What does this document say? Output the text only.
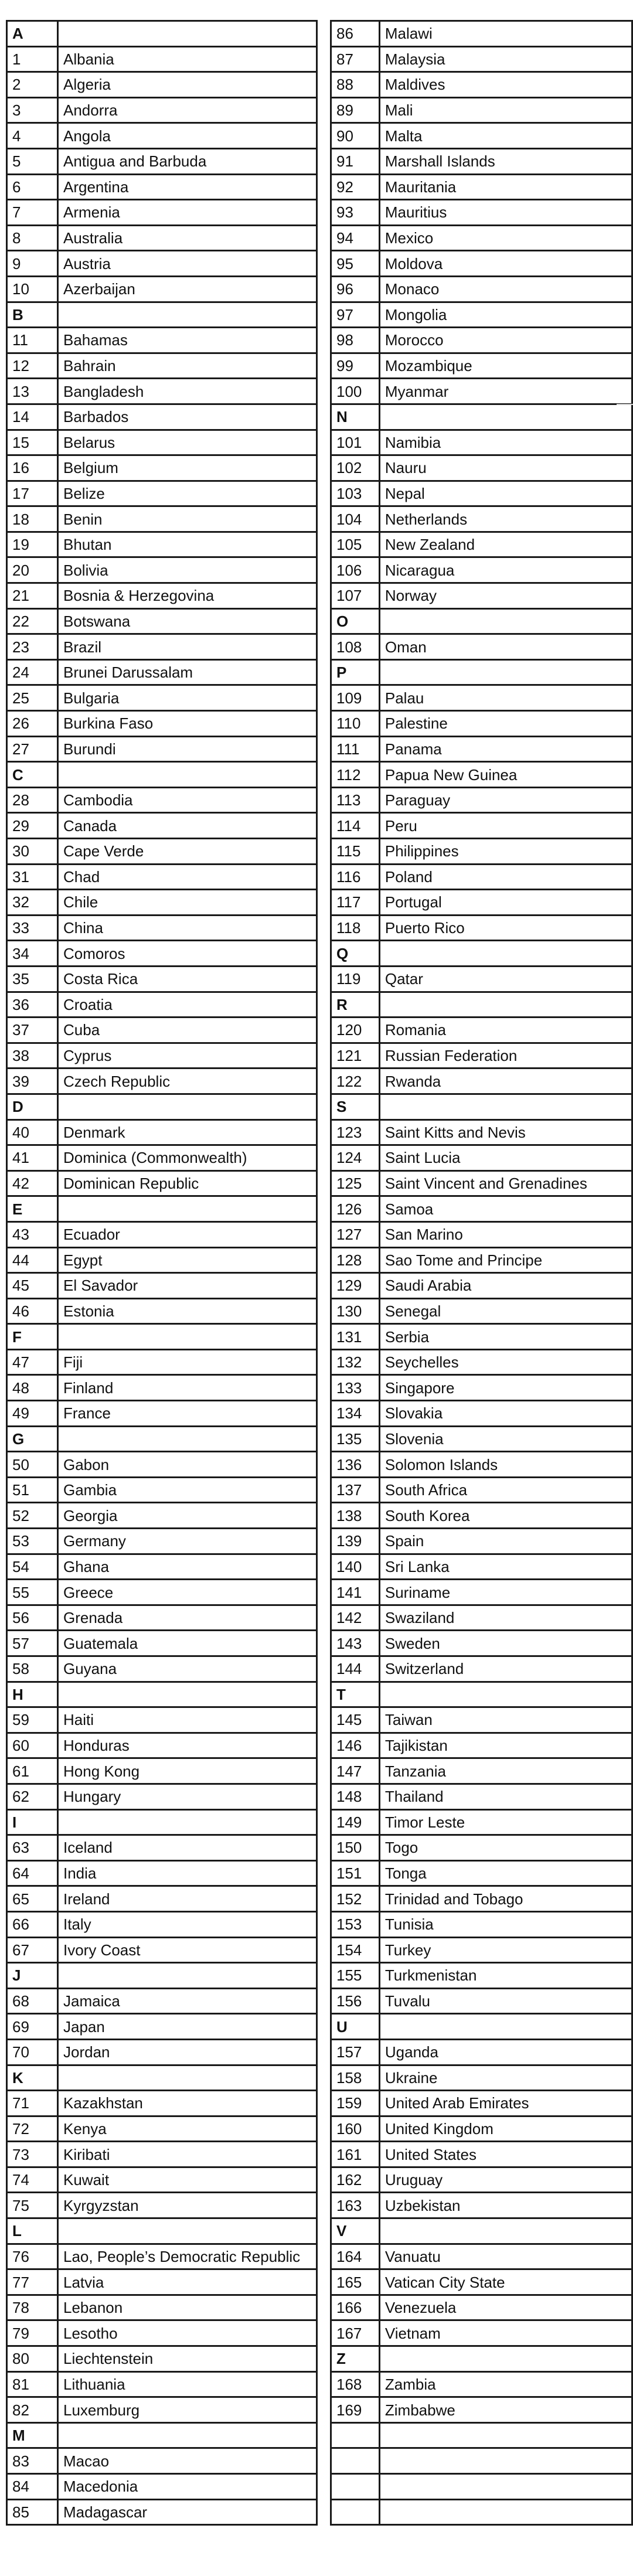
A	
1	Albania
2	Algeria
3	Andorra
4	Angola
5	Antigua and Barbuda
6	Argentina
7	Armenia
8	Australia
9	Austria
10	Azerbaijan
B	
11	Bahamas
12	Bahrain
13	Bangladesh
14	Barbados
15	Belarus
16	Belgium
17	Belize
18	Benin
19	Bhutan
20	Bolivia
21	Bosnia & Herzegovina
22	Botswana
23	Brazil
24	Brunei Darussalam
25	Bulgaria
26	Burkina Faso
27	Burundi
C	
28	Cambodia
29	Canada
30	Cape Verde
31	Chad
32	Chile
33	China
34	Comoros
35	Costa Rica
36	Croatia
37	Cuba
38	Cyprus
39	Czech Republic
D	
40	Denmark
41	Dominica (Commonwealth)
42	Dominican Republic
E	
43	Ecuador
44	Egypt
45	El Savador
46	Estonia
F	
47	Fiji
48	Finland
49	France
G	
50	Gabon
51	Gambia
52	Georgia
53	Germany
54	Ghana
55	Greece
56	Grenada
57	Guatemala
58	Guyana
H	
59	Haiti
60	Honduras
61	Hong Kong
62	Hungary
I	
63	Iceland
64	India
65	Ireland
66	Italy
67	Ivory Coast
J	
68	Jamaica
69	Japan
70	Jordan
K	
71	Kazakhstan
72	Kenya
73	Kiribati
74	Kuwait
75	Kyrgyzstan
L	
76	Lao, People’s Democratic Republic
77	Latvia
78	Lebanon
79	Lesotho
80	Liechtenstein
81	Lithuania
82	Luxemburg
M	
83	Macao
84	Macedonia
85	Madagascar
86	Malawi
87	Malaysia
88	Maldives
89	Mali
90	Malta
91	Marshall Islands
92	Mauritania
93	Mauritius
94	Mexico
95	Moldova
96	Monaco
97	Mongolia
98	Morocco
99	Mozambique
100	Myanmar
N	
101	Namibia
102	Nauru
103	Nepal
104	Netherlands
105	New Zealand
106	Nicaragua
107	Norway
O	
108	Oman
P	
109	Palau
110	Palestine
111	Panama
112	Papua New Guinea
113	Paraguay
114	Peru
115	Philippines
116	Poland
117	Portugal
118	Puerto Rico
Q	
119	Qatar
R	
120	Romania
121	Russian Federation
122	Rwanda
S	
123	Saint Kitts and Nevis
124	Saint Lucia
125	Saint Vincent and Grenadines
126	Samoa
127	San Marino
128	Sao Tome and Principe
129	Saudi Arabia
130	Senegal
131	Serbia
132	Seychelles
133	Singapore
134	Slovakia
135	Slovenia
136	Solomon Islands
137	South Africa
138	South Korea
139	Spain
140	Sri Lanka
141	Suriname
142	Swaziland
143	Sweden
144	Switzerland
T	
145	Taiwan
146	Tajikistan
147	Tanzania
148	Thailand
149	Timor Leste
150	Togo
151	Tonga
152	Trinidad and Tobago
153	Tunisia
154	Turkey
155	Turkmenistan
156	Tuvalu
U	
157	Uganda
158	Ukraine
159	United Arab Emirates
160	United Kingdom
161	United States
162	Uruguay
163	Uzbekistan
V	
164	Vanuatu
165	Vatican City State
166	Venezuela
167	Vietnam
Z	
168	Zambia
169	Zimbabwe
